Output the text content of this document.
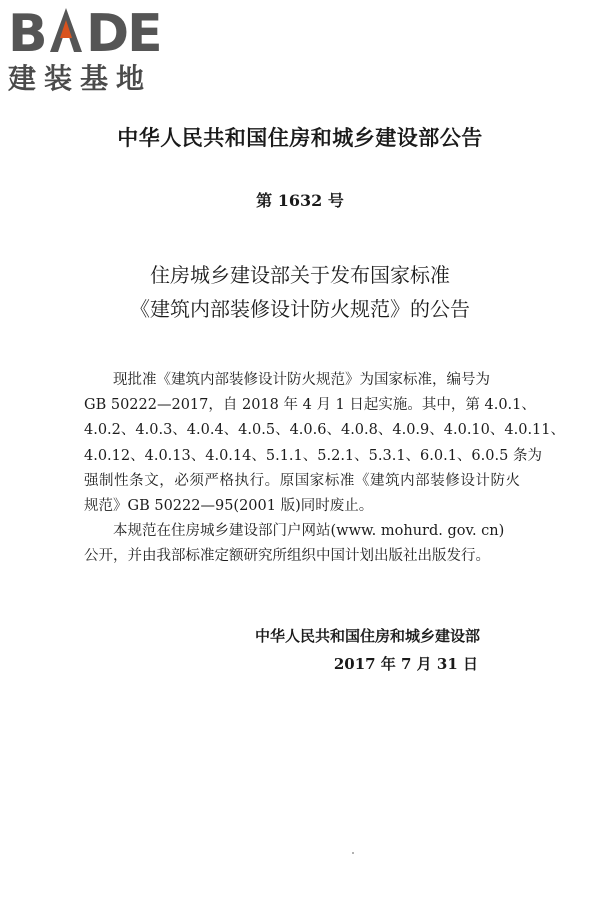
B DE
建装基地
中华人民共和国住房和城乡建设部公告
第 1632 号
住房城乡建设部关于发布国家标准
《建筑内部装修设计防火规范》的公告
现批准《建筑内部装修设计防火规范》为国家标准，编号为
GB 50222—2017，自 2018 年 4 月 1 日起实施。其中，第 4.0.1、
4.0.2、4.0.3、4.0.4、4.0.5、4.0.6、4.0.8、4.0.9、4.0.10、4.0.11、
4.0.12、4.0.13、4.0.14、5.1.1、5.2.1、5.3.1、6.0.1、6.0.5 条为
强制性条文，必须严格执行。原国家标准《建筑内部装修设计防火
规范》GB 50222—95(2001 版)同时废止。
本规范在住房城乡建设部门户网站(www. mohurd. gov. cn)
公开，并由我部标准定额研究所组织中国计划出版社出版发行。
中华人民共和国住房和城乡建设部
2017 年 7 月 31 日
